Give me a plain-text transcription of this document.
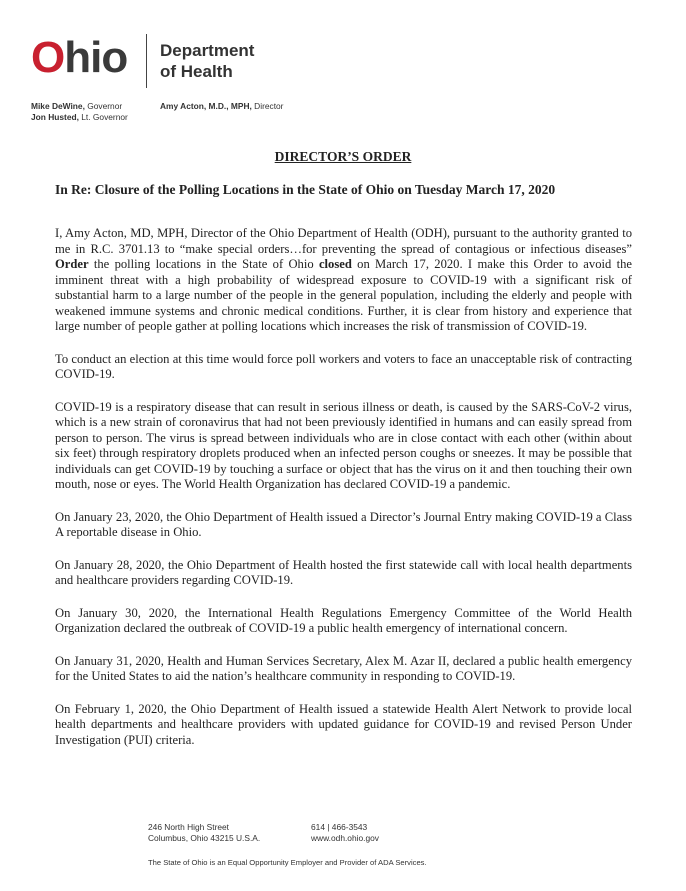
Ohio Department
of Health
Mike DeWine, Governor
Jon Husted, Lt. Governor
Amy Acton, M.D., MPH, Director
DIRECTOR’S ORDER
In Re: Closure of the Polling Locations in the State of Ohio on Tuesday March 17, 2020

I, Amy Acton, MD, MPH, Director of the Ohio Department of Health (ODH), pursuant to the authority granted to me in R.C. 3701.13 to “make special orders…for preventing the spread of contagious or infectious diseases” Order the polling locations in the State of Ohio closed on March 17, 2020. I make this Order to avoid the imminent threat with a high probability of widespread exposure to COVID-19 with a significant risk of substantial harm to a large number of the people in the general population, including the elderly and people with weakened immune systems and chronic medical conditions. Further, it is clear from history and experience that large number of people gather at polling locations which increases the risk of transmission of COVID-19.

To conduct an election at this time would force poll workers and voters to face an unacceptable risk of contracting COVID-19.

COVID-19 is a respiratory disease that can result in serious illness or death, is caused by the SARS-CoV-2 virus, which is a new strain of coronavirus that had not been previously identified in humans and can easily spread from person to person. The virus is spread between individuals who are in close contact with each other (within about six feet) through respiratory droplets produced when an infected person coughs or sneezes. It may be possible that individuals can get COVID-19 by touching a surface or object that has the virus on it and then touching their own mouth, nose or eyes. The World Health Organization has declared COVID-19 a pandemic.

On January 23, 2020, the Ohio Department of Health issued a Director’s Journal Entry making COVID-19 a Class A reportable disease in Ohio.

On January 28, 2020, the Ohio Department of Health hosted the first statewide call with local health departments and healthcare providers regarding COVID-19.

On January 30, 2020, the International Health Regulations Emergency Committee of the World Health Organization declared the outbreak of COVID-19 a public health emergency of international concern.

On January 31, 2020, Health and Human Services Secretary, Alex M. Azar II, declared a public health emergency for the United States to aid the nation’s healthcare community in responding to COVID-19.

On February 1, 2020, the Ohio Department of Health issued a statewide Health Alert Network to provide local health departments and healthcare providers with updated guidance for COVID-19 and revised Person Under Investigation (PUI) criteria.

246 North High Street
Columbus, Ohio 43215 U.S.A.
614 | 466-3543
www.odh.ohio.gov
The State of Ohio is an Equal Opportunity Employer and Provider of ADA Services.
